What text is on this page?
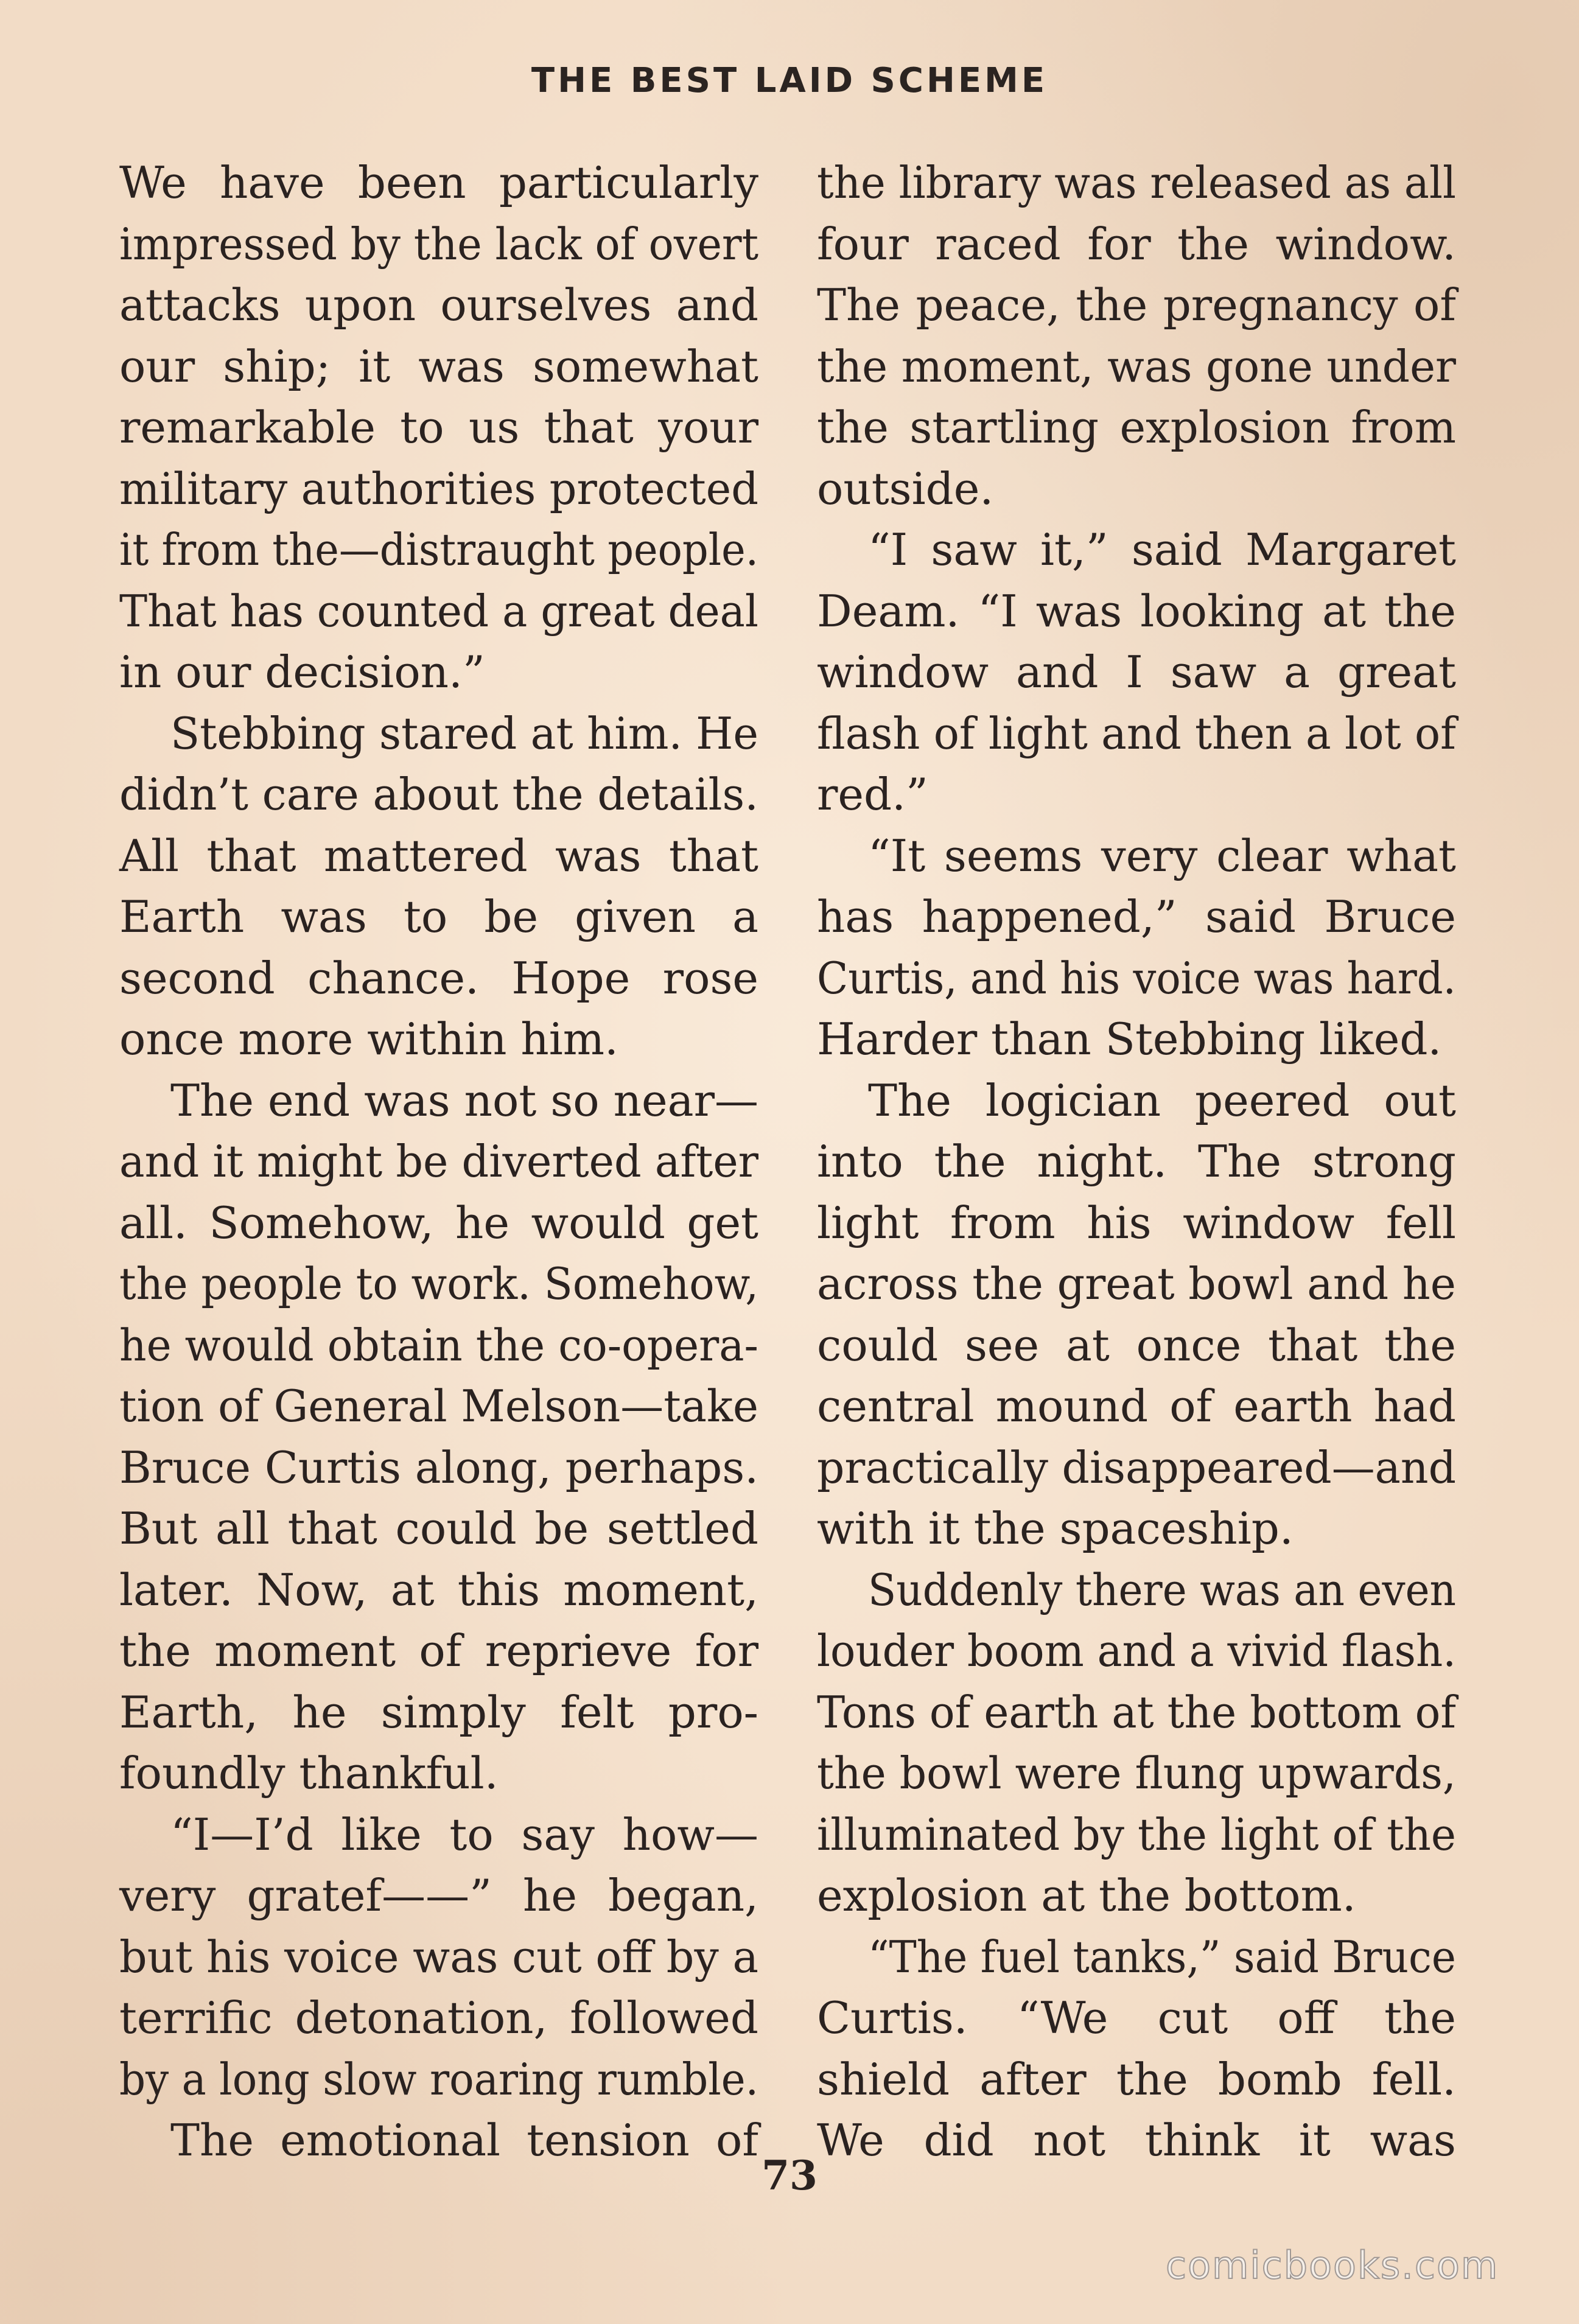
THE BEST LAID SCHEME
We have been particularly
impressed by the lack of overt
attacks upon ourselves and
our ship; it was somewhat
remarkable to us that your
military authorities protected
it from the—distraught people.
That has counted a great deal
in our decision.”
Stebbing stared at him. He
didn’t care about the details.
All that mattered was that
Earth was to be given a
second chance. Hope rose
once more within him.
The end was not so near—
and it might be diverted after
all. Somehow, he would get
the people to work. Somehow,
he would obtain the co-opera-
tion of General Melson—take
Bruce Curtis along, perhaps.
But all that could be settled
later. Now, at this moment,
the moment of reprieve for
Earth, he simply felt pro-
foundly thankful.
“I—I’d like to say how—
very gratef——” he began,
but his voice was cut off by a
terrific detonation, followed
by a long slow roaring rumble.
The emotional tension of
the library was released as all
four raced for the window.
The peace, the pregnancy of
the moment, was gone under
the startling explosion from
outside.
“I saw it,” said Margaret
Deam. “I was looking at the
window and I saw a great
flash of light and then a lot of
red.”
“It seems very clear what
has happened,” said Bruce
Curtis, and his voice was hard.
Harder than Stebbing liked.
The logician peered out
into the night. The strong
light from his window fell
across the great bowl and he
could see at once that the
central mound of earth had
practically disappeared—and
with it the spaceship.
Suddenly there was an even
louder boom and a vivid flash.
Tons of earth at the bottom of
the bowl were flung upwards,
illuminated by the light of the
explosion at the bottom.
“The fuel tanks,” said Bruce
Curtis. “We cut off the
shield after the bomb fell.
We did not think it was
73
comicbooks.com
